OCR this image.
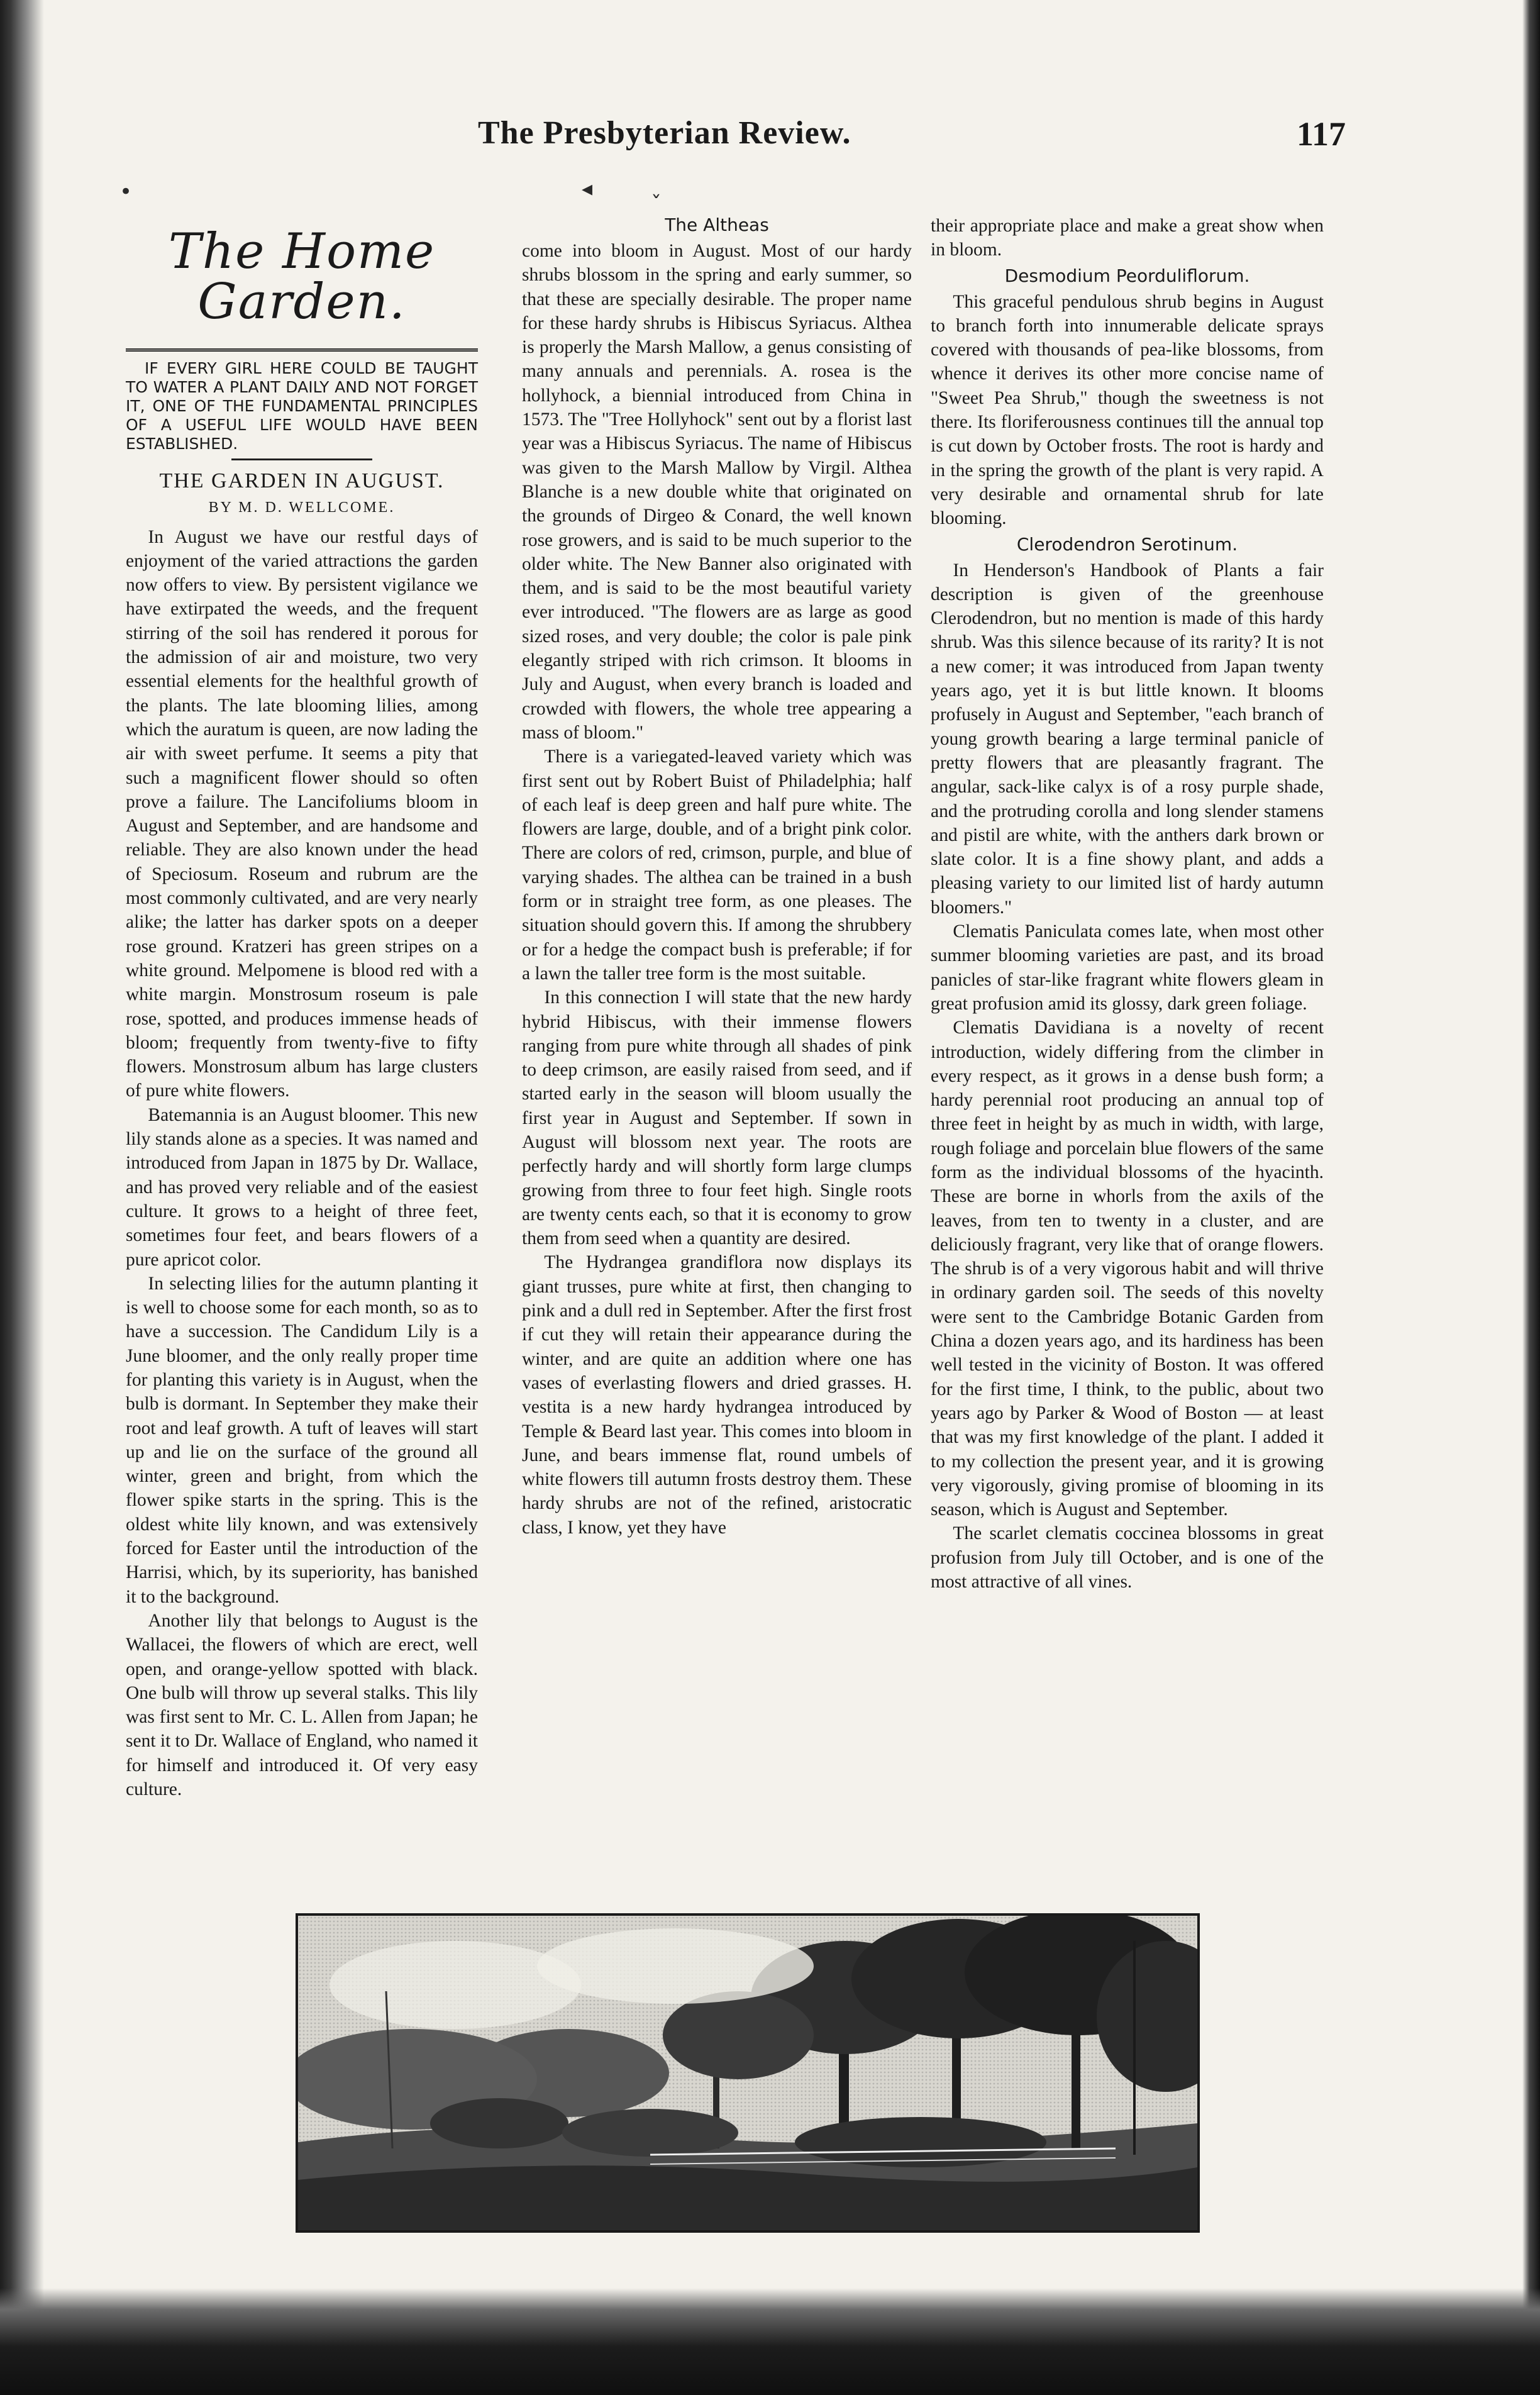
The Presbyterian Review.	117
•	◂
ˇ
The Home Garden.

IF EVERY GIRL HERE COULD BE TAUGHT TO WATER A PLANT DAILY AND NOT FORGET IT, ONE OF THE FUNDAMENTAL PRINCIPLES OF A USEFUL LIFE WOULD HAVE BEEN ESTABLISHED.

THE GARDEN IN AUGUST.
BY M. D. WELLCOME.

In August we have our restful days of enjoyment of the varied attractions the garden now offers to view. By persistent vigilance we have extirpated the weeds, and the frequent stirring of the soil has rendered it porous for the admission of air and moisture, two very essential elements for the healthful growth of the plants. The late blooming lilies, among which the auratum is queen, are now lading the air with sweet perfume. It seems a pity that such a magnificent flower should so often prove a failure. The Lancifoliums bloom in August and September, and are handsome and reliable. They are also known under the head of Speciosum. Roseum and rubrum are the most commonly cultivated, and are very nearly alike; the latter has darker spots on a deeper rose ground. Kratzeri has green stripes on a white ground. Melpomene is blood red with a white margin. Monstrosum roseum is pale rose, spotted, and produces immense heads of bloom; frequently from twenty-five to fifty flowers. Monstrosum album has large clusters of pure white flowers.

Batemannia is an August bloomer. This new lily stands alone as a species. It was named and introduced from Japan in 1875 by Dr. Wallace, and has proved very reliable and of the easiest culture. It grows to a height of three feet, sometimes four feet, and bears flowers of a pure apricot color.

In selecting lilies for the autumn planting it is well to choose some for each month, so as to have a succession. The Candidum Lily is a June bloomer, and the only really proper time for planting this variety is in August, when the bulb is dormant. In September they make their root and leaf growth. A tuft of leaves will start up and lie on the surface of the ground all winter, green and bright, from which the flower spike starts in the spring. This is the oldest white lily known, and was extensively forced for Easter until the introduction of the Harrisi, which, by its superiority, has banished it to the background.

Another lily that belongs to August is the Wallacei, the flowers of which are erect, well open, and orange-yellow spotted with black. One bulb will throw up several stalks. This lily was first sent to Mr. C. L. Allen from Japan; he sent it to Dr. Wallace of England, who named it for himself and introduced it. Of very easy culture.

The Altheas

come into bloom in August. Most of our hardy shrubs blossom in the spring and early summer, so that these are specially desirable. The proper name for these hardy shrubs is Hibiscus Syriacus. Althea is properly the Marsh Mallow, a genus consisting of many annuals and perennials. A. rosea is the hollyhock, a biennial introduced from China in 1573. The "Tree Hollyhock" sent out by a florist last year was a Hibiscus Syriacus. The name of Hibiscus was given to the Marsh Mallow by Virgil. Althea Blanche is a new double white that originated on the grounds of Dirgeo & Conard, the well known rose growers, and is said to be much superior to the older white. The New Banner also originated with them, and is said to be the most beautiful variety ever introduced. "The flowers are as large as good sized roses, and very double; the color is pale pink elegantly striped with rich crimson. It blooms in July and August, when every branch is loaded and crowded with flowers, the whole tree appearing a mass of bloom."

There is a variegated-leaved variety which was first sent out by Robert Buist of Philadelphia; half of each leaf is deep green and half pure white. The flowers are large, double, and of a bright pink color. There are colors of red, crimson, purple, and blue of varying shades. The althea can be trained in a bush form or in straight tree form, as one pleases. The situation should govern this. If among the shrubbery or for a hedge the compact bush is preferable; if for a lawn the taller tree form is the most suitable.

In this connection I will state that the new hardy hybrid Hibiscus, with their immense flowers ranging from pure white through all shades of pink to deep crimson, are easily raised from seed, and if started early in the season will bloom usually the first year in August and September. If sown in August will blossom next year. The roots are perfectly hardy and will shortly form large clumps growing from three to four feet high. Single roots are twenty cents each, so that it is economy to grow them from seed when a quantity are desired.

The Hydrangea grandiflora now displays its giant trusses, pure white at first, then changing to pink and a dull red in September. After the first frost if cut they will retain their appearance during the winter, and are quite an addition where one has vases of everlasting flowers and dried grasses. H. vestita is a new hardy hydrangea introduced by Temple & Beard last year. This comes into bloom in June, and bears immense flat, round umbels of white flowers till autumn frosts destroy them. These hardy shrubs are not of the refined, aristocratic class, I know, yet they have

their appropriate place and make a great show when in bloom.

Desmodium Peorduliflorum.

This graceful pendulous shrub begins in August to branch forth into innumerable delicate sprays covered with thousands of pea-like blossoms, from whence it derives its other more concise name of "Sweet Pea Shrub," though the sweetness is not there. Its floriferousness continues till the annual top is cut down by October frosts. The root is hardy and in the spring the growth of the plant is very rapid. A very desirable and ornamental shrub for late blooming.

Clerodendron Serotinum.

In Henderson's Handbook of Plants a fair description is given of the greenhouse Clerodendron, but no mention is made of this hardy shrub. Was this silence because of its rarity? It is not a new comer; it was introduced from Japan twenty years ago, yet it is but little known. It blooms profusely in August and September, "each branch of young growth bearing a large terminal panicle of pretty flowers that are pleasantly fragrant. The angular, sack-like calyx is of a rosy purple shade, and the protruding corolla and long slender stamens and pistil are white, with the anthers dark brown or slate color. It is a fine showy plant, and adds a pleasing variety to our limited list of hardy autumn bloomers."

Clematis Paniculata comes late, when most other summer blooming varieties are past, and its broad panicles of star-like fragrant white flowers gleam in great profusion amid its glossy, dark green foliage.

Clematis Davidiana is a novelty of recent introduction, widely differing from the climber in every respect, as it grows in a dense bush form; a hardy perennial root producing an annual top of three feet in height by as much in width, with large, rough foliage and porcelain blue flowers of the same form as the individual blossoms of the hyacinth. These are borne in whorls from the axils of the leaves, from ten to twenty in a cluster, and are deliciously fragrant, very like that of orange flowers. The shrub is of a very vigorous habit and will thrive in ordinary garden soil. The seeds of this novelty were sent to the Cambridge Botanic Garden from China a dozen years ago, and its hardiness has been well tested in the vicinity of Boston. It was offered for the first time, I think, to the public, about two years ago by Parker & Wood of Boston — at least that was my first knowledge of the plant. I added it to my collection the present year, and it is growing very vigorously, giving promise of blooming in its season, which is August and September.

The scarlet clematis coccinea blossoms in great profusion from July till October, and is one of the most attractive of all vines.
